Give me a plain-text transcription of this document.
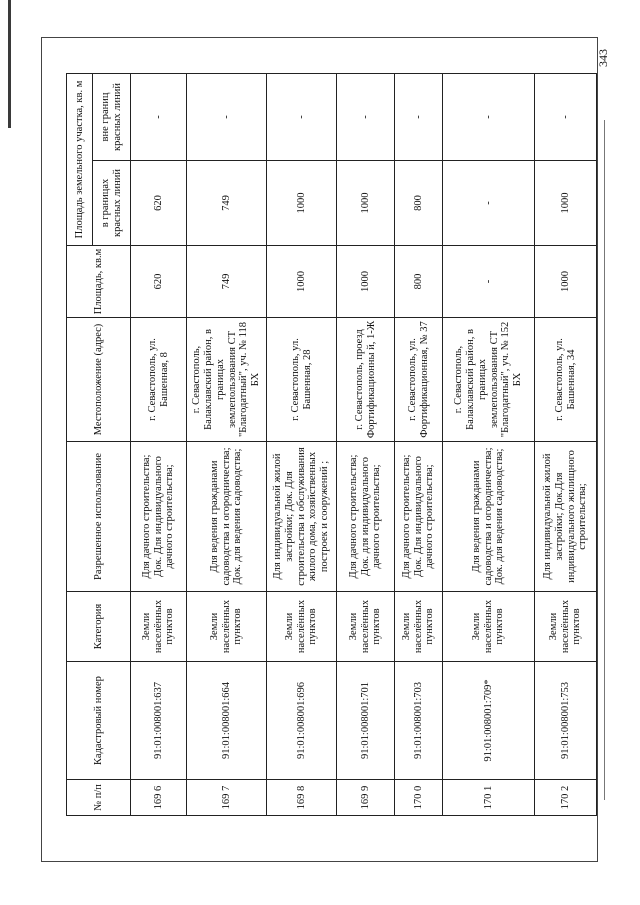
343
№ п/п	Кадастровый номер	Категория	Разрешенное использование	Местоположение (адрес)	Площадь, кв.м	Площадь земельного участка, кв. м	
						в границах красных линий	вне границ красных линий
169 6	91:01:008001:637	Земли населённых пунктов	Для дачного строительства; Док. Для индивидуального дачного строительства;	г. Севастополь, ул. Башенная, 8	620	620	-
169 7	91:01:008001:664	Земли населённых пунктов	Для ведения гражданами садоводства и огородничества; Док. для ведения садоводства;	г. Севастополь, Балаклавский район, в границах землепользования СТ "Благодатный", уч. № 118 БХ	749	749	-
169 8	91:01:008001:696	Земли населённых пунктов	Для индивидуальной жилой застройки; Док. Для строительства и обслуживания жилого дома, хозяйственных построек и сооружений ;	г. Севастополь, ул. Башенная, 28	1000	1000	-
169 9	91:01:008001:701	Земли населённых пунктов	Для дачного строительства; Док. для индивидуального дачного строительства;	г. Севастополь, проезд Фортификационны й, 1-Ж	1000	1000	-
170 0	91:01:008001:703	Земли населённых пунктов	Для дачного строительства; Док. Для индивидуального дачного строительства;	г. Севастополь, ул. Фортификационная, № 37	800	800	-
170 1	91:01:008001:709*	Земли населённых пунктов	Для ведения гражданами садоводства и огородничества; Док. для ведения садоводства;	г. Севастополь, Балаклавский район, в границах землепользования СТ "Благодатный", уч. № 152 БХ	-	-	-
170 2	91:01:008001:753	Земли населённых пунктов	Для индивидуальной жилой застройки; Док.Для индивидуального жилищного строительства;	г. Севастополь, ул. Башенная, 34	1000	1000	-
